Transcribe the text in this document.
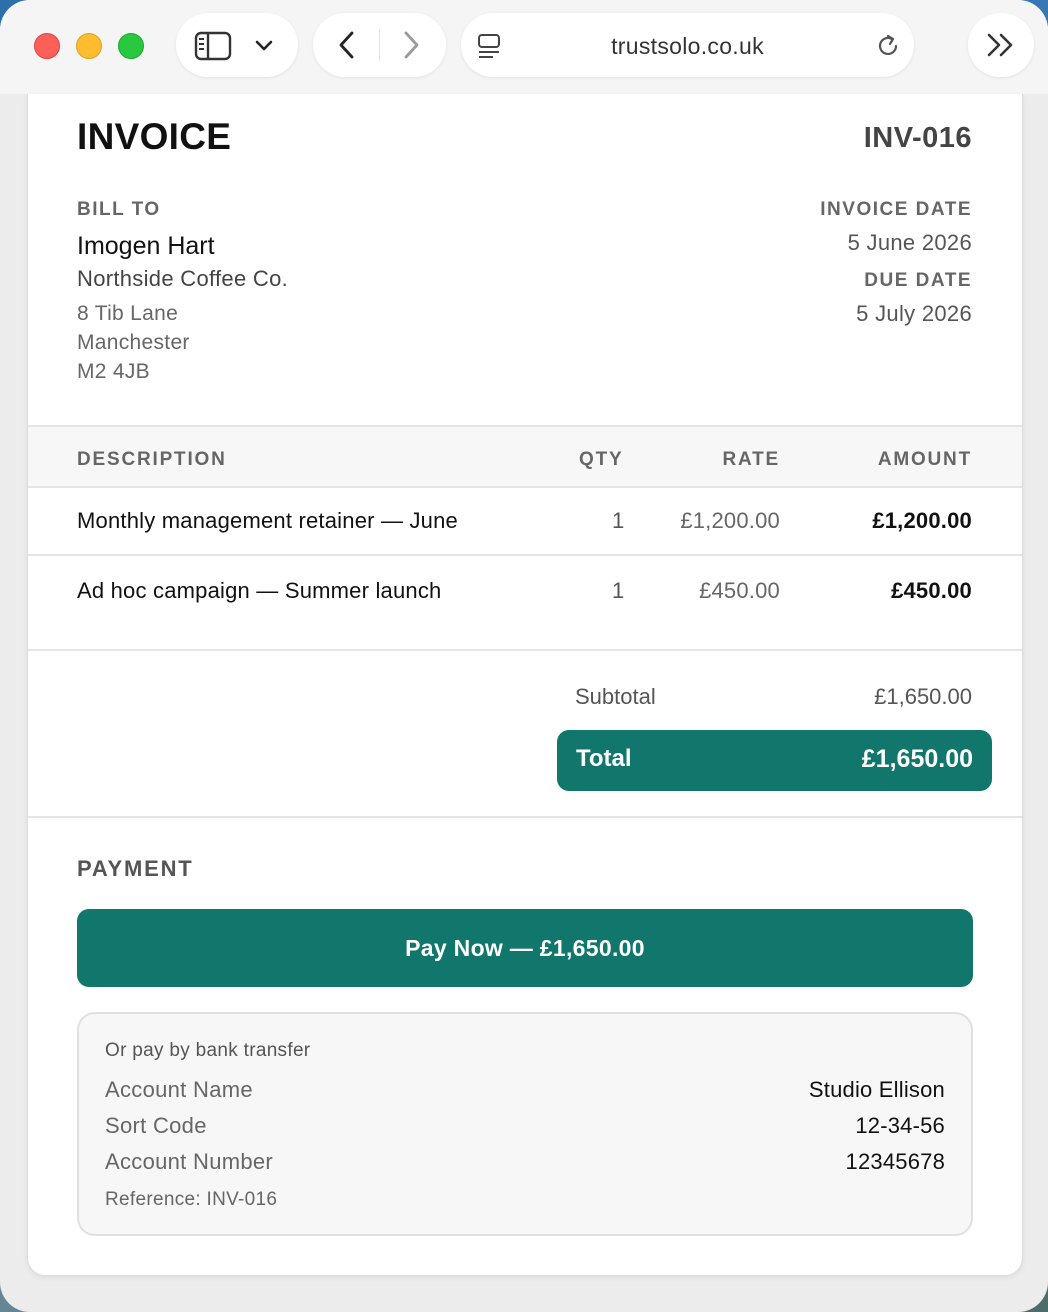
trustsolo.co.uk
INVOICE	INV-016
BILL TO
Imogen Hart
Northside Coffee Co.
8 Tib Lane
Manchester
M2 4JB
INVOICE DATE
5 June 2026
DUE DATE
5 July 2026
DESCRIPTION	QTY	RATE	AMOUNT
Monthly management retainer — June	1	£1,200.00	£1,200.00
Ad hoc campaign — Summer launch	1	£450.00	£450.00
Subtotal	£1,650.00
Total	£1,650.00
PAYMENT
Pay Now — £1,650.00
Or pay by bank transfer
Account Name	Studio Ellison
Sort Code	12-34-56
Account Number	12345678
Reference: INV-016
